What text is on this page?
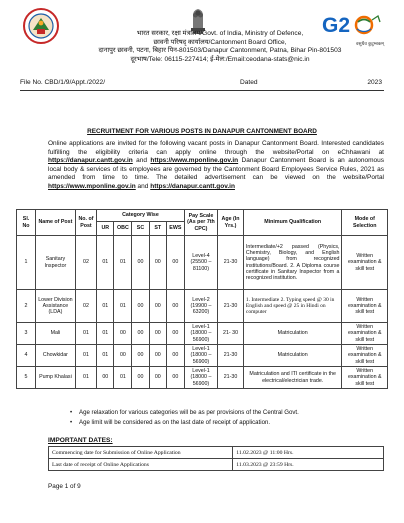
G2
वसुधैव कुटुम्बकम्
भारत सरकार, रक्षा मंत्रालय/Govt. of India, Ministry of Defence,
छावनी परिषद् कार्यालय/Cantonment Board Office,
दानापुर छावनी, पटना, बिहार पिन-801503/Danapur Cantonment, Patna, Bihar Pin-801503
दूरभाष/Tele: 06115-227414; ई-मेल:/Email:ceodana-stats@nic.in
File No. CBD/1/9/Appt./2022/	Dated	2023
RECRUITMENT FOR VARIOUS POSTS IN DANAPUR CANTONMENT BOARD
Online applications are invited for the following vacant posts in Danapur Cantonment Board. Interested candidates fulfilling the eligibility criteria can apply online through the website/Portal on eChhawani at https://danapur.cantt.gov.in and https://www.mponline.gov.in Danapur Cantonment Board is an autonomous local body & services of its employees are governed by the Cantonment Board Employees Service Rules, 2021 as amended from time to time. The detailed advertisement can be viewed on the website/Portal https://www.mponline.gov.in and https://danapur.cantt.gov.in
Sl. No	Name of Post	No. of Post	Category Wise					Pay Scale (As per 7th CPC)	Age (In Yrs.)	Minimum Qualification	Mode of Selection
			UR	OBC	SC	ST	EWS				
1	Sanitary Inspector	02	01	01	00	00	00	Level-4 (25500 – 81100)	21-30	Intermediate/+2 passed (Physics, Chemistry, Biology, and English language) from recognized institutions/Board. 2. A Diploma course certificate in Sanitary Inspector from a recognized institution.	Written examination & skill test
2	Lower Division Assistance (LDA)	02	01	01	00	00	00	Level-2 (19900 – 63200)	21-30	1. Intermediate 2. Typing speed @ 30 in English and speed @ 25 in Hindi on computer	Written examination & skill test
3	Mali	01	01	00	00	00	00	Level-1 (18000 – 56900)	21- 30	Matriculation	Written examination & skill test
4	Chowkidar	01	01	00	00	00	00	Level-1 (18000 – 56900)	21-30	Matriculation	Written examination & skill test
5	Pump Khalasi	01	00	01	00	00	00	Level-1 (18000 – 56900)	21-30	Matriculation and ITI certificate in the electrical/electrician trade.	Written examination & skill test
• Age relaxation for various categories will be as per provisions of the Central Govt.
• Age limit will be considered as on the last date of receipt of application.
IMPORTANT DATES:
Commencing date for Submission of Online Application	11.02.2023 @ 11:00 Hrs.
Last date of receipt of Online Applications	11.03.2023 @ 23:59 Hrs.
Page 1 of 9
